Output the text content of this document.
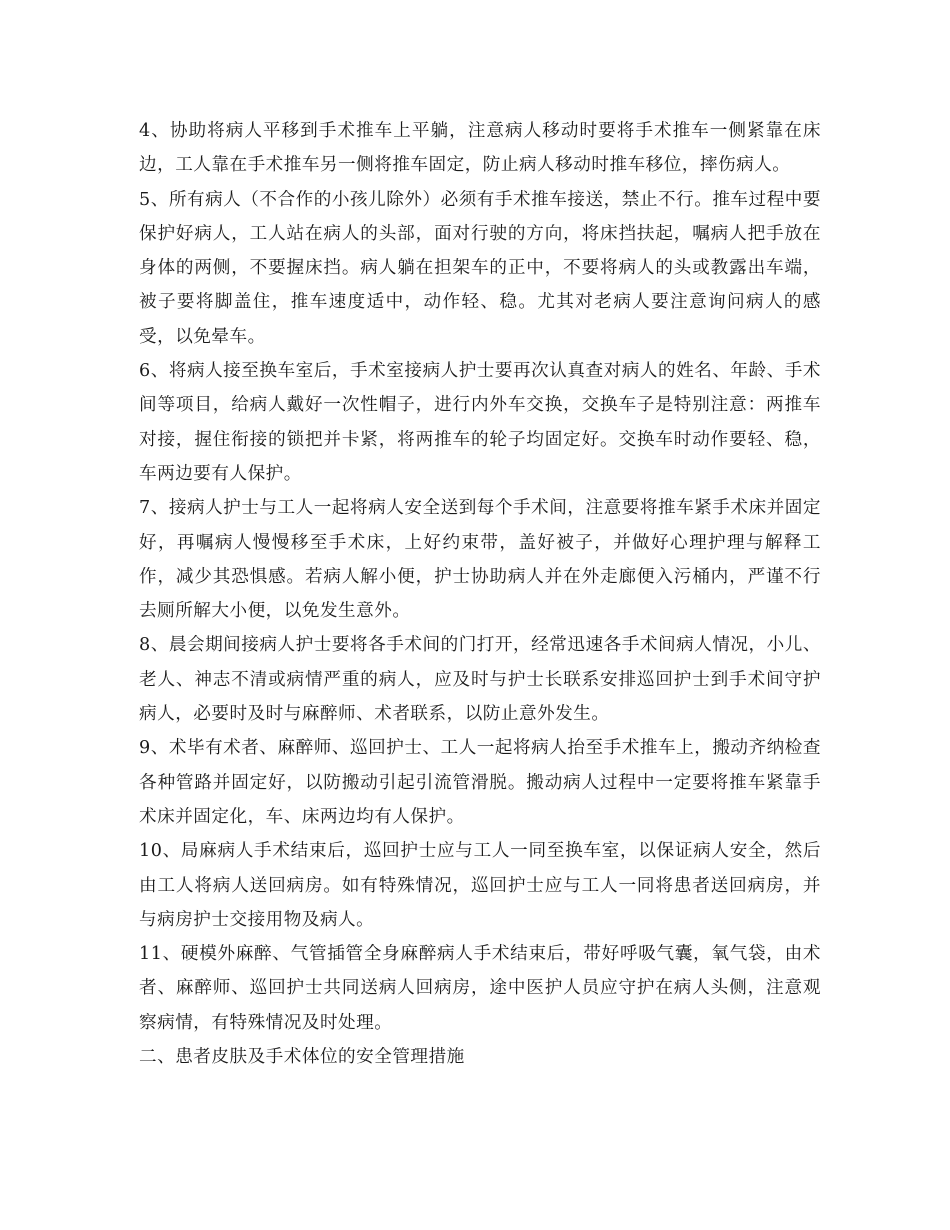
4、协助将病人平移到手术推车上平躺，注意病人移动时要将手术推车一侧紧靠在床边，工人靠在手术推车另一侧将推车固定，防止病人移动时推车移位，摔伤病人。

5、所有病人（不合作的小孩儿除外）必须有手术推车接送，禁止不行。推车过程中要保护好病人，工人站在病人的头部，面对行驶的方向，将床挡扶起，嘱病人把手放在身体的两侧，不要握床挡。病人躺在担架车的正中，不要将病人的头或教露出车端，被子要将脚盖住，推车速度适中，动作轻、稳。尤其对老病人要注意询问病人的感受，以免晕车。

6、将病人接至换车室后，手术室接病人护士要再次认真查对病人的姓名、年龄、手术间等项目，给病人戴好一次性帽子，进行内外车交换，交换车子是特别注意：两推车对接，握住衔接的锁把并卡紧，将两推车的轮子均固定好。交换车时动作要轻、稳，车两边要有人保护。

7、接病人护士与工人一起将病人安全送到每个手术间，注意要将推车紧手术床并固定好，再嘱病人慢慢移至手术床，上好约束带，盖好被子，并做好心理护理与解释工作，减少其恐惧感。若病人解小便，护士协助病人并在外走廊便入污桶内，严谨不行去厕所解大小便，以免发生意外。

8、晨会期间接病人护士要将各手术间的门打开，经常迅速各手术间病人情况，小儿、老人、神志不清或病情严重的病人，应及时与护士长联系安排巡回护士到手术间守护病人，必要时及时与麻醉师、术者联系，以防止意外发生。

9、术毕有术者、麻醉师、巡回护士、工人一起将病人抬至手术推车上，搬动齐纳检查各种管路并固定好，以防搬动引起引流管滑脱。搬动病人过程中一定要将推车紧靠手术床并固定化，车、床两边均有人保护。

10、局麻病人手术结束后，巡回护士应与工人一同至换车室，以保证病人安全，然后由工人将病人送回病房。如有特殊情况，巡回护士应与工人一同将患者送回病房，并与病房护士交接用物及病人。

11、硬模外麻醉、气管插管全身麻醉病人手术结束后，带好呼吸气囊，氧气袋，由术者、麻醉师、巡回护士共同送病人回病房，途中医护人员应守护在病人头侧，注意观察病情，有特殊情况及时处理。

二、患者皮肤及手术体位的安全管理措施
